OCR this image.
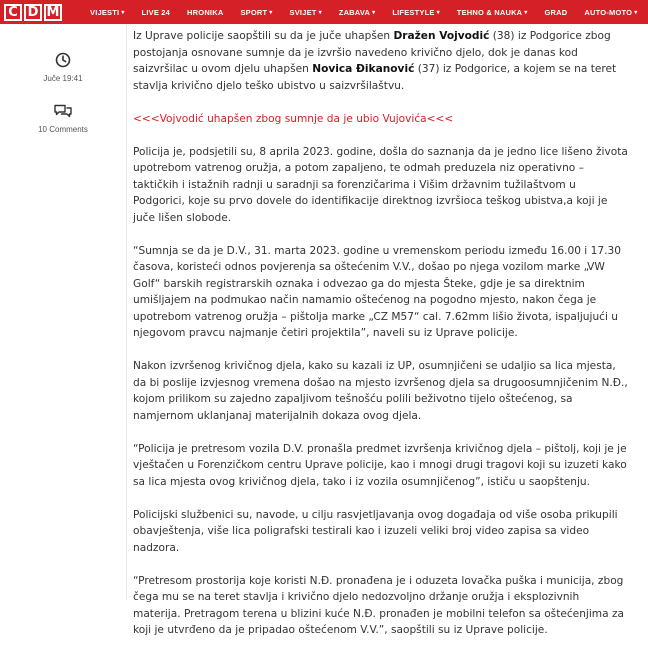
C D M	VIJESTI ▾ LIVE 24 HRONIKA SPORT ▾ SVIJET ▾ ZABAVA ▾ LIFESTYLE ▾ TEHNO & NAUKA ▾ GRAD AUTO-MOTO ▾
Juče 19:41
10 Comments

Iz Uprave policije saopštili su da je juče uhapšen Dražen Vojvodić (38) iz Podgorice zbog postojanja osnovane sumnje da je izvršio navedeno krivično djelo, dok je danas kod saizvršilac u ovom djelu uhapšen Novica Đikanović (37) iz Podgorice, a kojem se na teret stavlja krivično djelo teško ubistvo u saizvršilaštvu.

<<<Vojvodić uhapšen zbog sumnje da je ubio Vujovića<<<

Policija je, podsjetili su, 8 aprila 2023. godine, došla do saznanja da je jedno lice lišeno života upotrebom vatrenog oružja, a potom zapaljeno, te odmah preduzela niz operativno – taktičkih i istažnih radnji u saradnji sa forenzičarima i Višim državnim tužilaštvom u Podgorici, koje su prvo dovele do identifikacije direktnog izvršioca teškog ubistva,a koji je juče lišen slobode.

“Sumnja se da je D.V., 31. marta 2023. godine u vremenskom periodu između 16.00 i 17.30 časova, koristeći odnos povjerenja sa oštećenim V.V., došao po njega vozilom marke „VW Golf“ barskih registrarskih oznaka i odvezao ga do mjesta Šteke, gdje je sa direktnim umišljajem na podmukao način namamio oštećenog na pogodno mjesto, nakon čega je upotrebom vatrenog oružja – pištolja marke „CZ M57“ cal. 7.62mm lišio života, ispaljujući u njegovom pravcu najmanje četiri projektila”, naveli su iz Uprave policije.

Nakon izvršenog krivičnog djela, kako su kazali iz UP, osumnjičeni se udaljio sa lica mjesta, da bi poslije izvjesnog vremena došao na mjesto izvršenog djela sa drugoosumnjičenim N.Đ., kojom prilikom su zajedno zapaljivom tešnošću polili beživotno tijelo oštećenog, sa namjernom uklanjanaj materijalnih dokaza ovog djela.

“Policija je pretresom vozila D.V. pronašla predmet izvršenja krivičnog djela – pištolj, koji je je vještačen u Forenzičkom centru Uprave policije, kao i mnogi drugi tragovi koji su izuzeti kako sa lica mjesta ovog krivičnog djela, tako i iz vozila osumnjičenog”, ističu u saopštenju.

Policijski službenici su, navode, u cilju rasvjetljavanja ovog događaja od više osoba prikupili obavještenja, više lica poligrafski testirali kao i izuzeli veliki broj video zapisa sa video nadzora.

“Pretresom prostorija koje koristi N.Đ. pronađena je i oduzeta lovačka puška i municija, zbog čega mu se na teret stavlja i krivično djelo nedozvoljno držanje oružja i eksplozivnih materija. Pretragom terena u blizini kuće N.Đ. pronađen je mobilni telefon sa oštećenjima za koji je utvrđeno da je pripadao oštećenom V.V.”, saopštili su iz Uprave policije.
